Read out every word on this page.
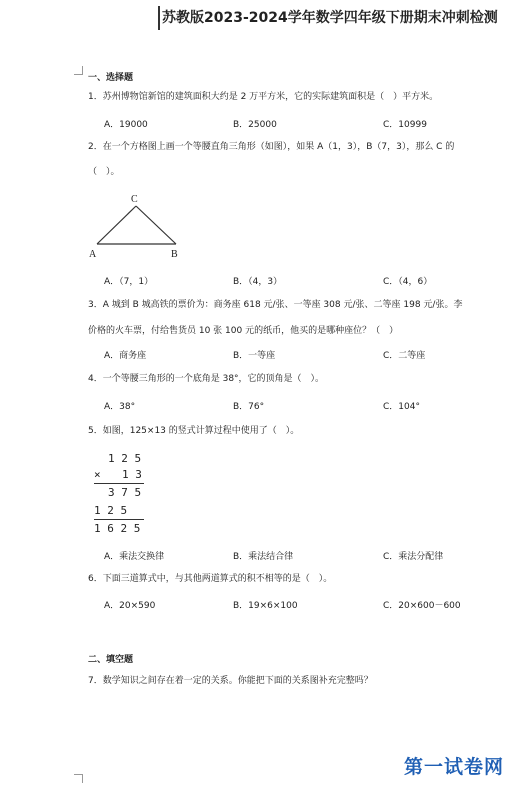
苏教版2023-2024学年数学四年级下册期末冲刺检测
一、选择题
1．苏州博物馆新馆的建筑面积大约是 2 万平方米，它的实际建筑面积是（　）平方米。
A．19000	B．25000	C．10999
2．在一个方格图上画一个等腰直角三角形（如图），如果 A（1，3），B（7，3），那么 C 的
（　）。
C
A	B
A．（7，1）	B．（4，3）	C．（4，6）
3．A 城到 B 城高铁的票价为：商务座 618 元/张、一等座 308 元/张、二等座 198 元/张。李
价格的火车票，付给售货员 10 张 100 元的纸币，他买的是哪种座位？（　）
A．商务座	B．一等座	C．二等座
4．一个等腰三角形的一个底角是 38°，它的顶角是（　）。
A．38°	B．76°	C．104°
5．如图，125×13 的竖式计算过程中使用了（　）。
1 2 5
× 1 3
3 7 5
1 2 5
1 6 2 5
A．乘法交换律	B．乘法结合律	C．乘法分配律
6．下面三道算式中，与其他两道算式的积不相等的是（　）。
A．20×590	B．19×6×100	C．20×600－600
二、填空题
7．数学知识之间存在着一定的关系。你能把下面的关系图补充完整吗？
第一试卷网
